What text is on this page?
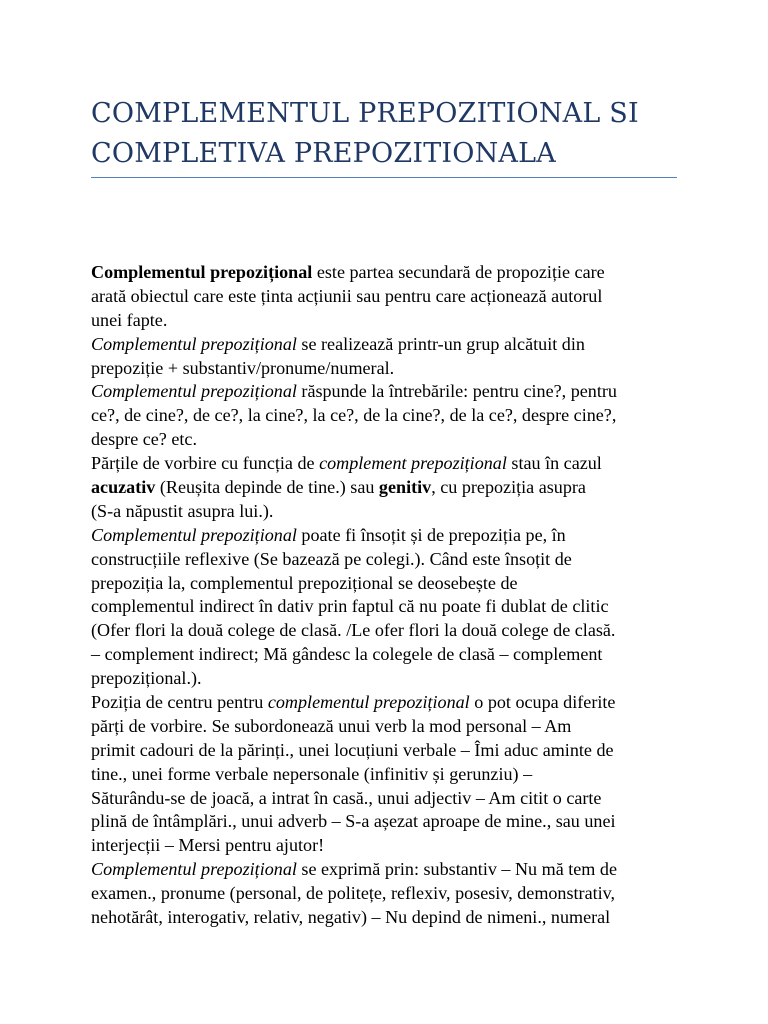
COMPLEMENTUL PREPOZITIONAL SI
COMPLETIVA PREPOZITIONALA
Complementul prepozițional este partea secundară de propoziție care
arată obiectul care este ținta acțiunii sau pentru care acționează autorul
unei fapte.
Complementul prepozițional se realizează printr-un grup alcătuit din
prepoziție + substantiv/pronume/numeral.
Complementul prepozițional răspunde la întrebările: pentru cine?, pentru
ce?, de cine?, de ce?, la cine?, la ce?, de la cine?, de la ce?, despre cine?,
despre ce? etc.
Părțile de vorbire cu funcția de complement prepozițional stau în cazul
acuzativ (Reușita depinde de tine.) sau genitiv, cu prepoziția asupra
(S-a năpustit asupra lui.).
Complementul prepozițional poate fi însoțit și de prepoziția pe, în
construcțiile reflexive (Se bazează pe colegi.). Când este însoțit de
prepoziția la, complementul prepozițional se deosebește de
complementul indirect în dativ prin faptul că nu poate fi dublat de clitic
(Ofer flori la două colege de clasă. /Le ofer flori la două colege de clasă.
– complement indirect; Mă gândesc la colegele de clasă – complement
prepozițional.).
Poziția de centru pentru complementul prepozițional o pot ocupa diferite
părți de vorbire. Se subordonează unui verb la mod personal – Am
primit cadouri de la părinți., unei locuțiuni verbale – Îmi aduc aminte de
tine., unei forme verbale nepersonale (infinitiv și gerunziu) –
Săturându-se de joacă, a intrat în casă., unui adjectiv – Am citit o carte
plină de întâmplări., unui adverb – S-a așezat aproape de mine., sau unei
interjecții – Mersi pentru ajutor!
Complementul prepozițional se exprimă prin: substantiv – Nu mă tem de
examen., pronume (personal, de politețe, reflexiv, posesiv, demonstrativ,
nehotărât, interogativ, relativ, negativ) – Nu depind de nimeni., numeral
